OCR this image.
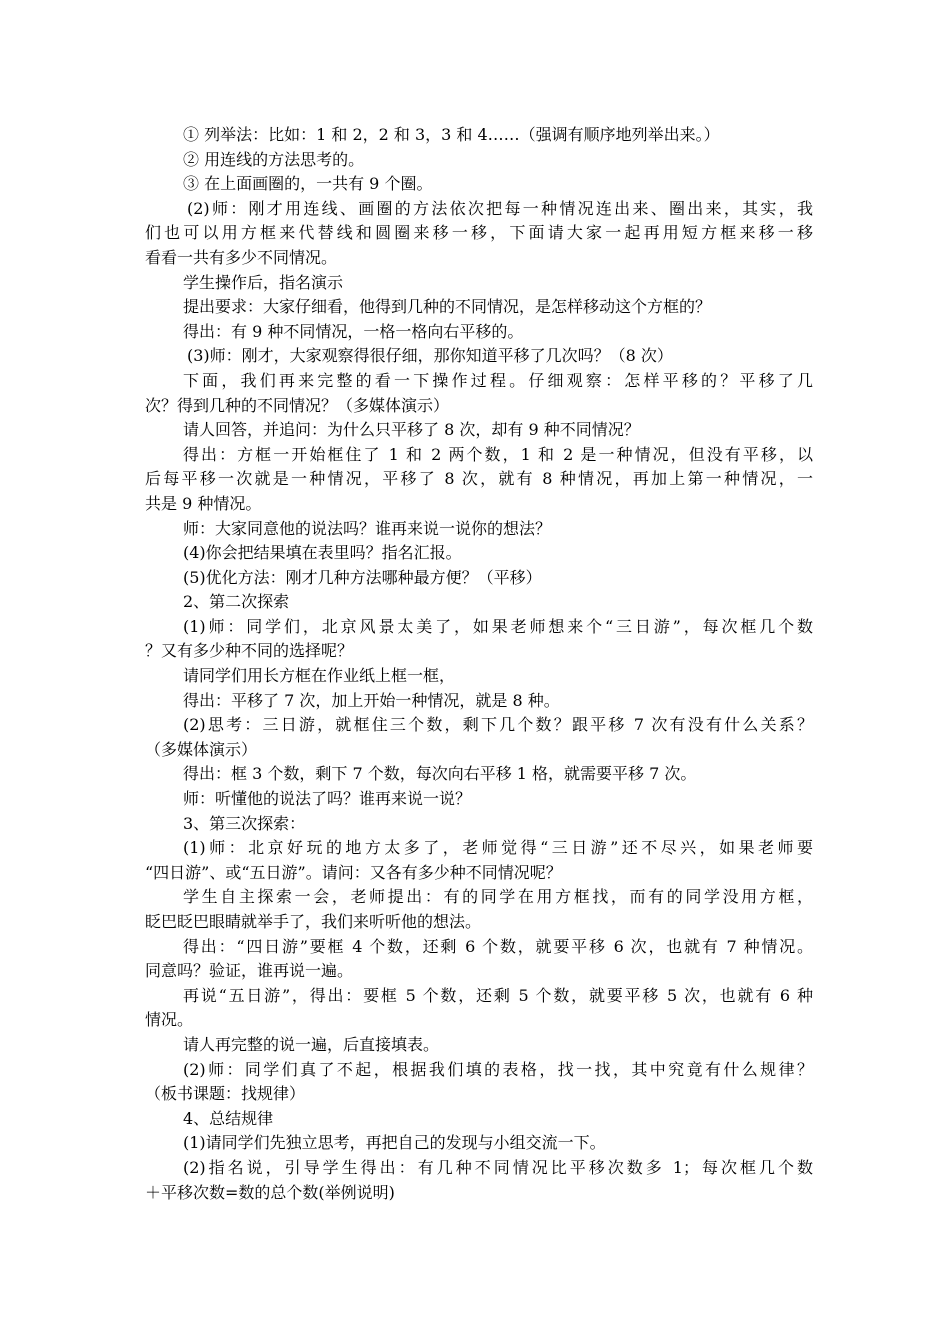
① 列举法：比如：1 和 2，2 和 3，3 和 4……（强调有顺序地列举出来。）
② 用连线的方法思考的。
③ 在上面画圈的，一共有 9 个圈。
(2)师：刚才用连线、画圈的方法依次把每一种情况连出来、圈出来，其实，我
们也可以用方框来代替线和圆圈来移一移，下面请大家一起再用短方框来移一移
看看一共有多少不同情况。
学生操作后，指名演示
提出要求：大家仔细看，他得到几种的不同情况，是怎样移动这个方框的？
得出：有 9 种不同情况，一格一格向右平移的。
(3)师：刚才，大家观察得很仔细，那你知道平移了几次吗？（8 次）
下面，我们再来完整的看一下操作过程。仔细观察：怎样平移的？平移了几
次？得到几种的不同情况？（多媒体演示）
请人回答，并追问：为什么只平移了 8 次，却有 9 种不同情况？
得出：方框一开始框住了 1 和 2 两个数，1 和 2 是一种情况，但没有平移，以
后每平移一次就是一种情况，平移了 8 次，就有 8 种情况，再加上第一种情况，一
共是 9 种情况。
师：大家同意他的说法吗？谁再来说一说你的想法？
(4)你会把结果填在表里吗？指名汇报。
(5)优化方法：刚才几种方法哪种最方便？（平移）
2、第二次探索
(1)师：同学们，北京风景太美了，如果老师想来个“三日游”，每次框几个数
？又有多少种不同的选择呢？
请同学们用长方框在作业纸上框一框，
得出：平移了 7 次，加上开始一种情况，就是 8 种。
(2)思考：三日游，就框住三个数，剩下几个数？跟平移 7 次有没有什么关系？
（多媒体演示）
得出：框 3 个数，剩下 7 个数，每次向右平移 1 格，就需要平移 7 次。
师：听懂他的说法了吗？谁再来说一说？
3、第三次探索：
(1)师：北京好玩的地方太多了，老师觉得“三日游”还不尽兴，如果老师要
“四日游”、或“五日游”。请问：又各有多少种不同情况呢？
学生自主探索一会，老师提出：有的同学在用方框找，而有的同学没用方框，
眨巴眨巴眼睛就举手了，我们来听听他的想法。
得出：“四日游”要框 4 个数，还剩 6 个数，就要平移 6 次，也就有 7 种情况。
同意吗？验证，谁再说一遍。
再说“五日游”，得出：要框 5 个数，还剩 5 个数，就要平移 5 次，也就有 6 种
情况。
请人再完整的说一遍，后直接填表。
(2)师：同学们真了不起，根据我们填的表格，找一找，其中究竟有什么规律？
（板书课题：找规律）
4、总结规律
(1)请同学们先独立思考，再把自己的发现与小组交流一下。
(2)指名说，引导学生得出：有几种不同情况比平移次数多 1；每次框几个数
＋平移次数=数的总个数(举例说明)
